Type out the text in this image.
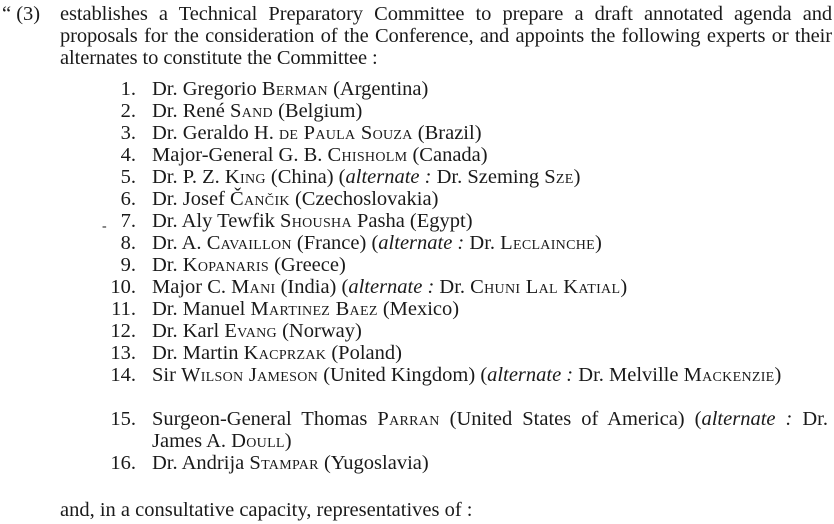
“ (3) establishes a Technical Preparatory Committee to prepare a draft annotated agenda and proposals for the consideration of the Conference, and appoints the following experts or their alternates to constitute the Committee :
1. Dr. Gregorio Berman (Argentina)
2. Dr. René Sand (Belgium)
3. Dr. Geraldo H. de Paula Souza (Brazil)
4. Major-General G. B. Chisholm (Canada)
5. Dr. P. Z. King (China) (alternate : Dr. Szeming Sze)
6. Dr. Josef Čančik (Czechoslovakia)
7.
- Dr. Aly Tewfik Shousha Pasha (Egypt)
8. Dr. A. Cavaillon (France) (alternate : Dr. Leclainche)
9. Dr. Kopanaris (Greece)
10. Major C. Mani (India) (alternate : Dr. Chuni Lal Katial)
11. Dr. Manuel Martinez Baez (Mexico)
12. Dr. Karl Evang (Norway)
13. Dr. Martin Kacprzak (Poland)
14. Sir Wilson Jameson (United Kingdom) (alternate : Dr. Melville Mackenzie)
15. Surgeon-General Thomas Parran (United States of America) (alternate : Dr. James A. Doull)
16. Dr. Andrija Stampar (Yugoslavia)
and, in a consultative capacity, representatives of :
